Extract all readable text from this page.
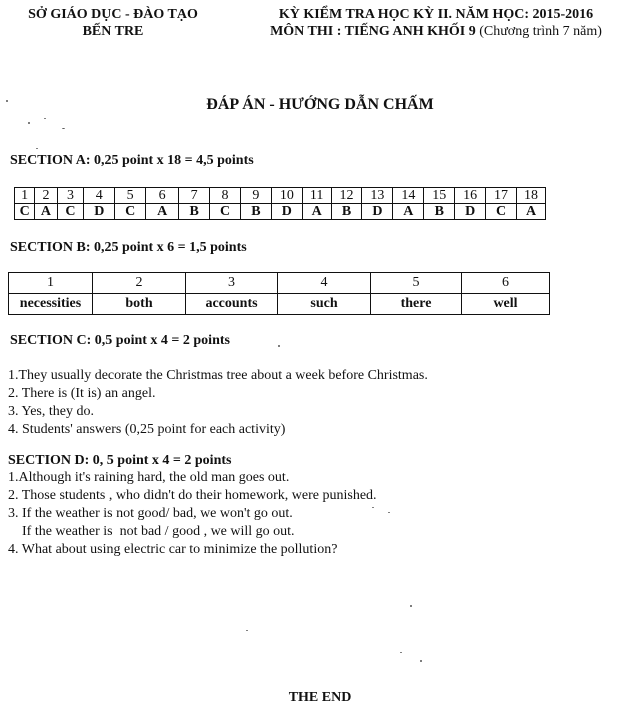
SỞ GIÁO DỤC - ĐÀO TẠO
BẾN TRE
KỲ KIỂM TRA HỌC KỲ II. NĂM HỌC: 2015-2016
MÔN THI : TIẾNG ANH KHỐI 9 (Chương trình 7 năm)
ĐÁP ÁN - HƯỚNG DẪN CHẤM
SECTION A: 0,25 point x 18 = 4,5 points
1	2	3	4	5	6	7	8	9	10	11	12	13	14	15	16	17	18
C	A	C	D	C	A	B	C	B	D	A	B	D	A	B	D	C	A
SECTION B: 0,25 point x 6 = 1,5 points
1	2	3	4	5	6
necessities	both	accounts	such	there	well
SECTION C: 0,5 point x 4 = 2 points
1.They usually decorate the Christmas tree about a week before Christmas.
2. There is (It is) an angel.
3. Yes, they do.
4. Students' answers (0,25 point for each activity)
SECTION D: 0, 5 point x 4 = 2 points
1.Although it's raining hard, the old man goes out.
2. Those students , who didn't do their homework, were punished.
3. If the weather is not good/ bad, we won't go out.
If the weather is  not bad / good , we will go out.
4. What about using electric car to minimize the pollution?
THE END
